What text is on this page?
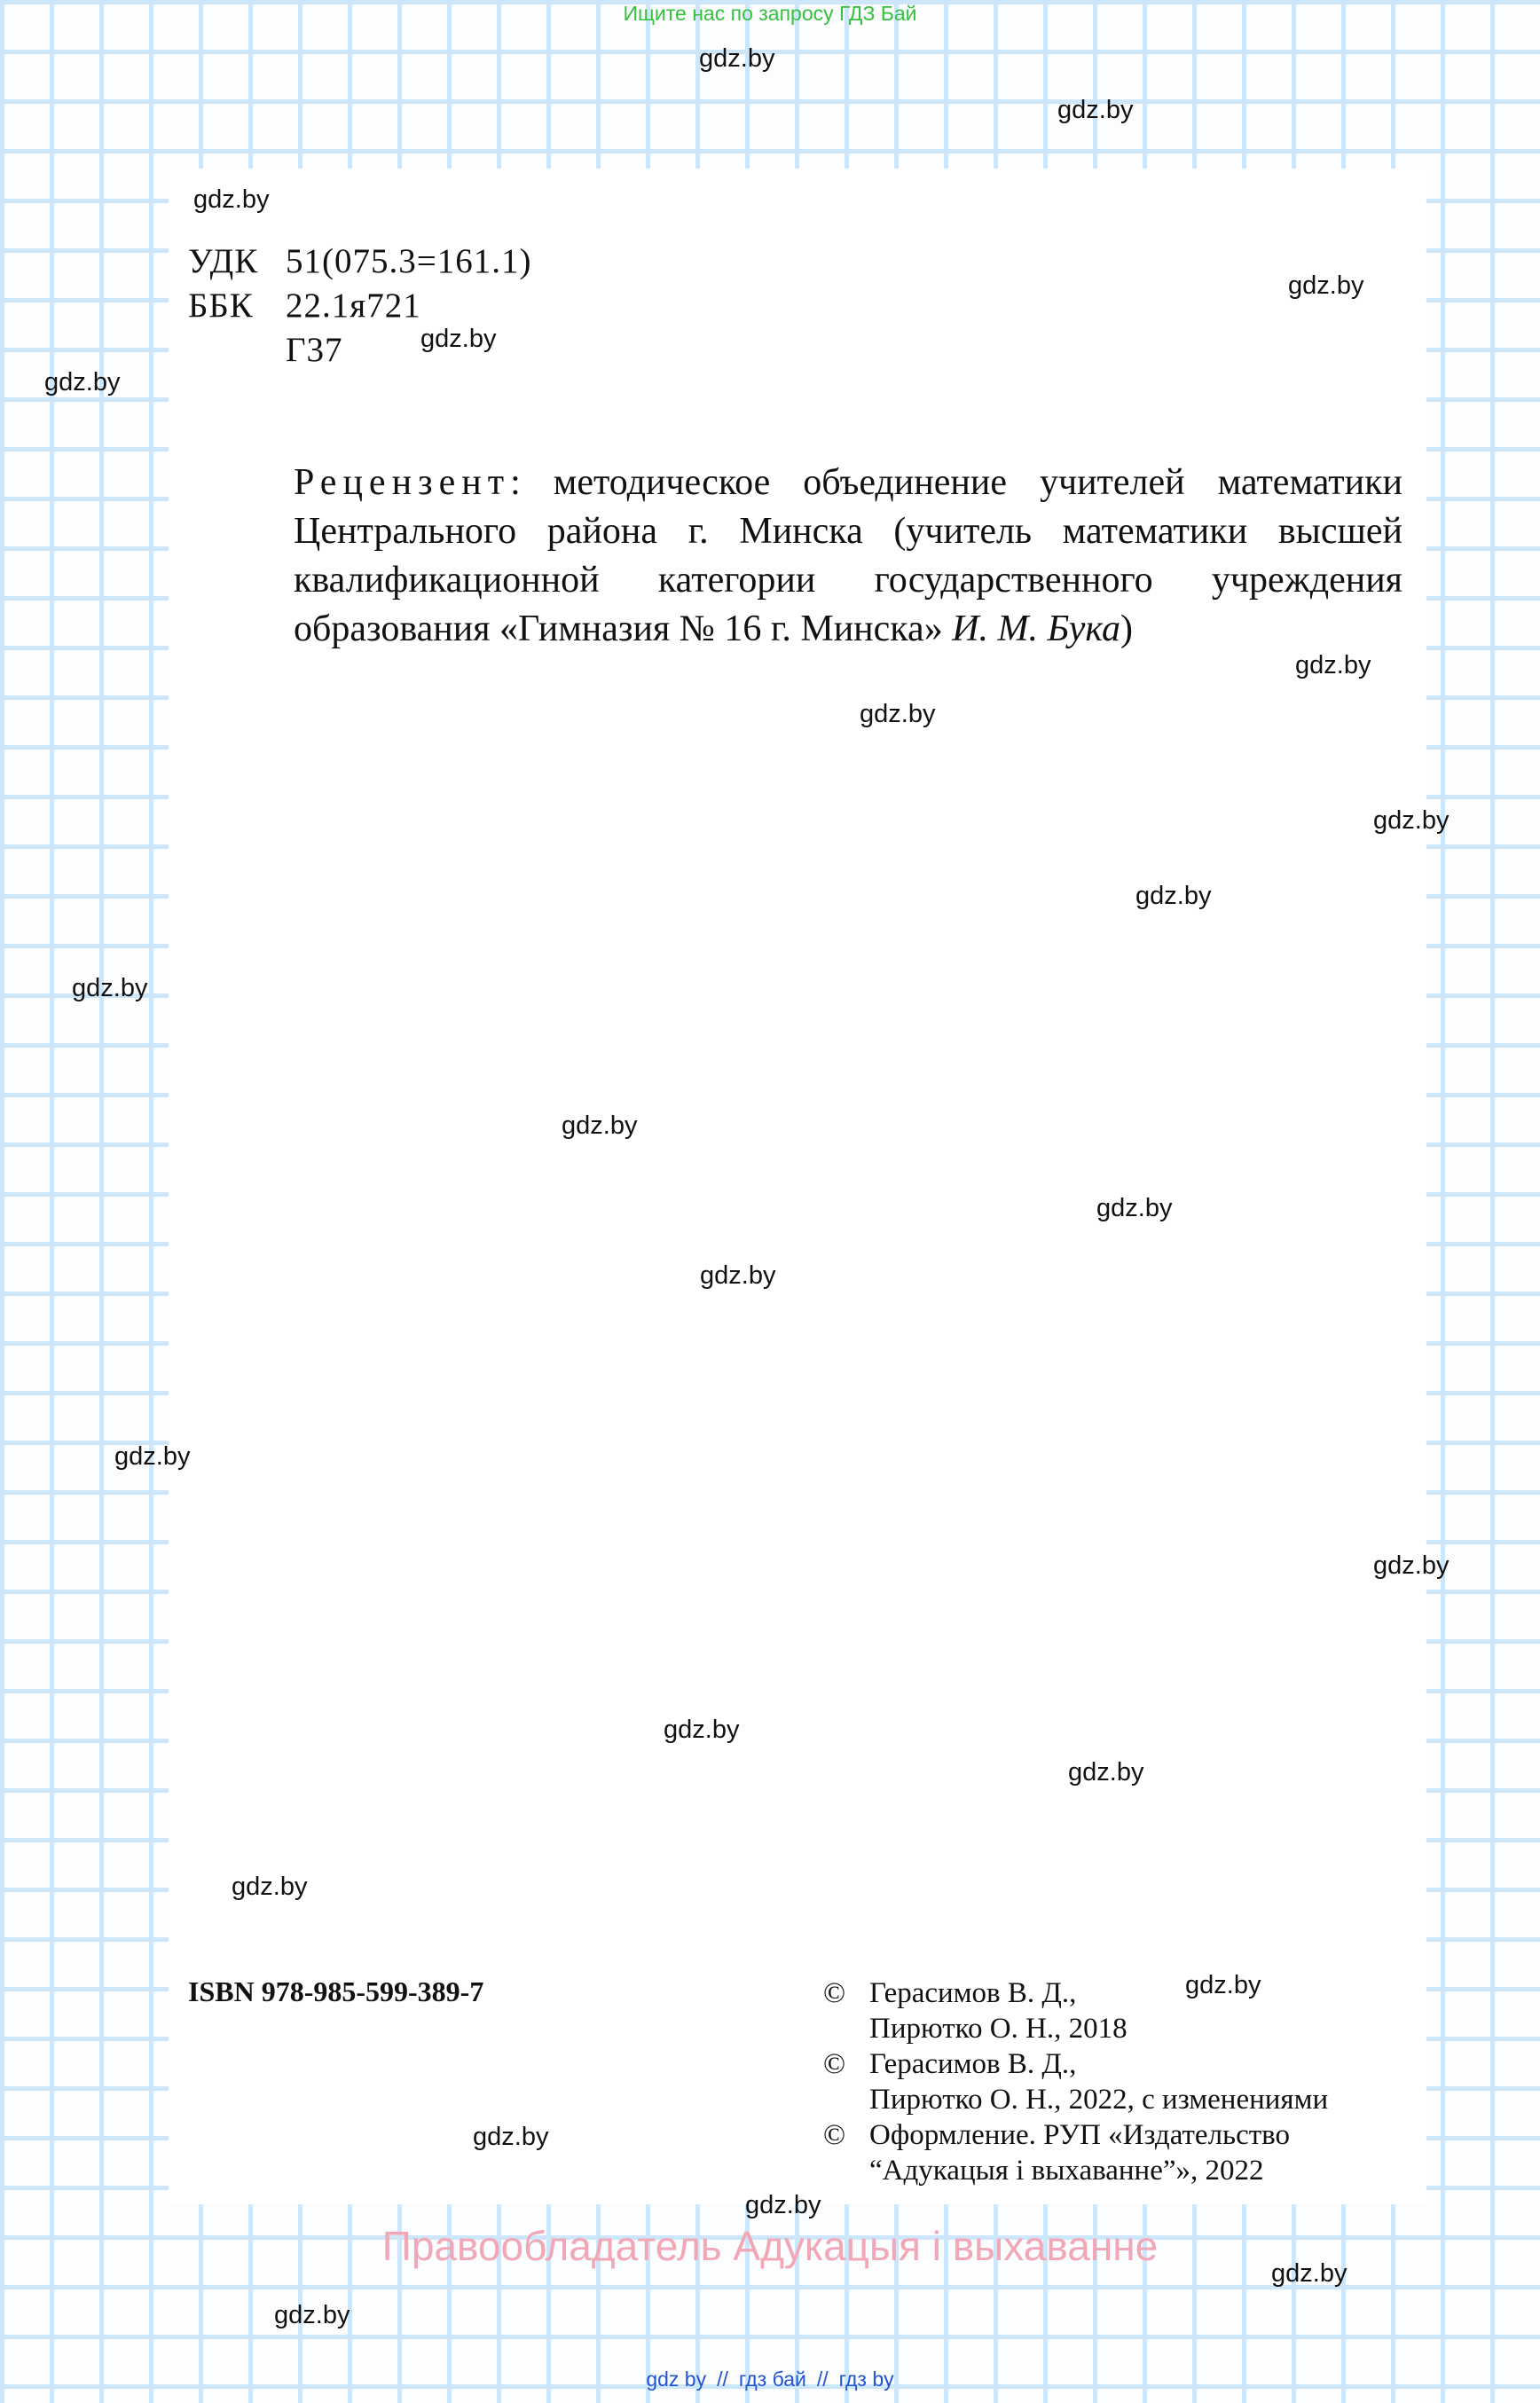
Ищите нас по запросу ГДЗ Бай
УДК 51(075.3=161.1)
ББК 22.1я721
Г37
Рецензент: методическое объединение учителей математики Центрального района г. Минска (учитель математики высшей квалификационной категории государственного учреждения образования «Гимназия № 16 г. Минска» И. М. Бука)
ISBN 978-985-599-389-7	© Герасимов В. Д.,
Пирютко О. Н., 2018
© Герасимов В. Д.,
Пирютко О. Н., 2022, с изменениями
© Оформление. РУП «Издательство
“Адукацыя і выхаванне”», 2022
Правообладатель Адукацыя і выхаванне
gdz by // гдз бай // гдз by
gdz.by
gdz.by
gdz.by
gdz.by
gdz.by
gdz.by
gdz.by
gdz.by
gdz.by
gdz.by
gdz.by
gdz.by
gdz.by
gdz.by
gdz.by
gdz.by
gdz.by
gdz.by
gdz.by
gdz.by
gdz.by
gdz.by
gdz.by
gdz.by
